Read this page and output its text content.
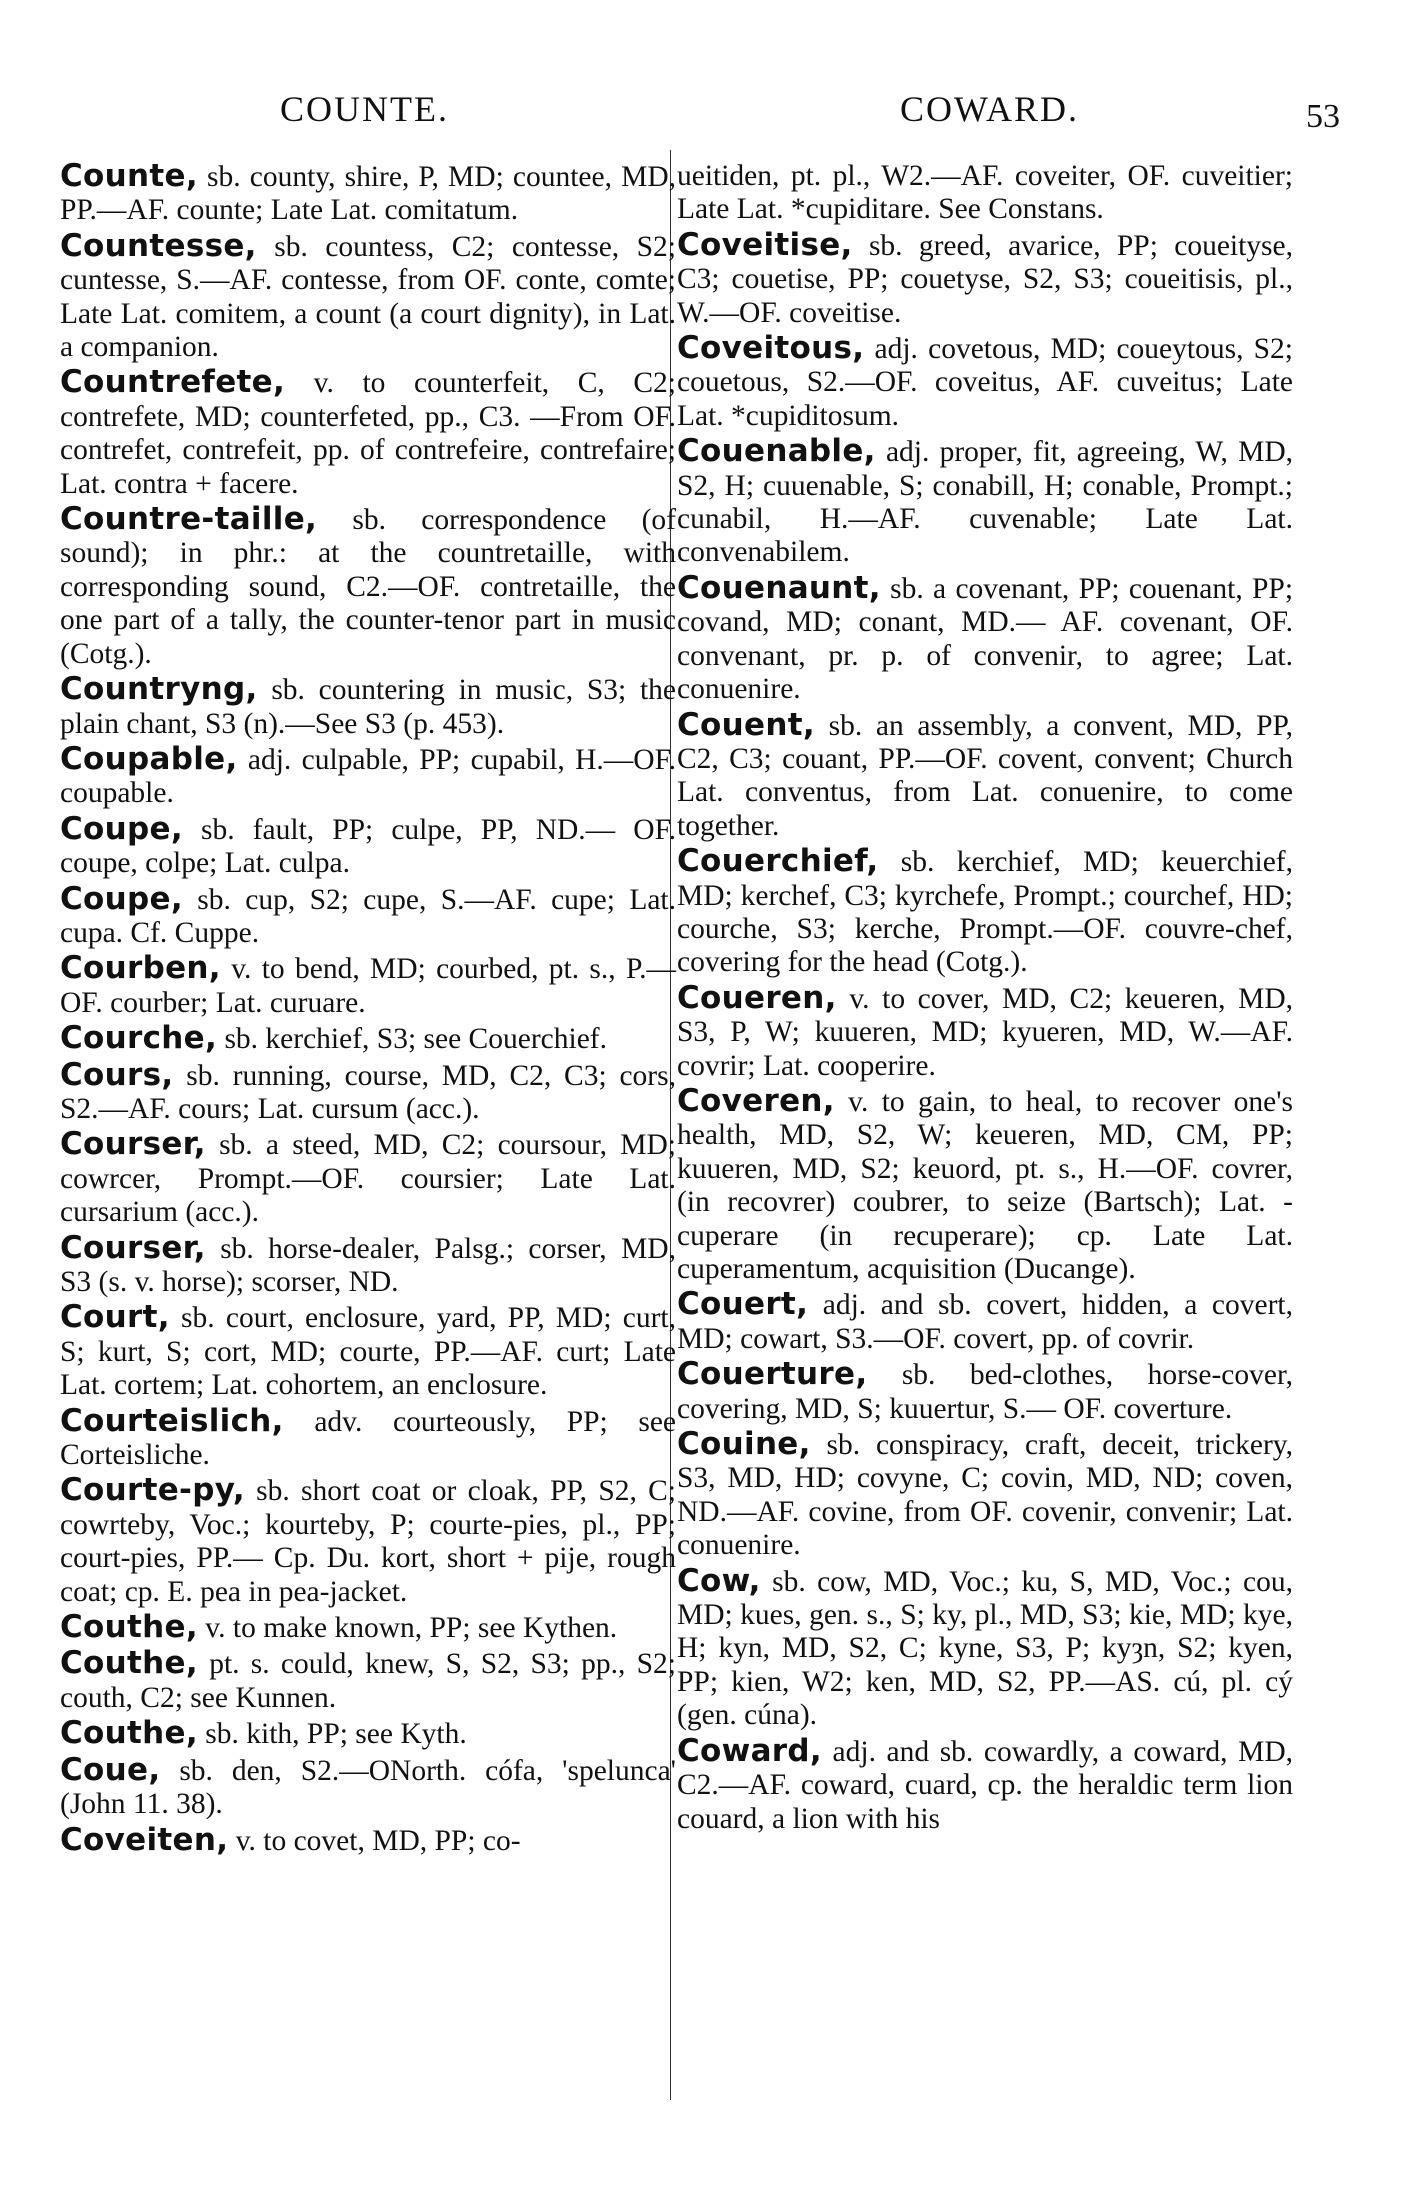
COUNTE.	COWARD.	53

Counte , sb. county, shire, P, MD; countee, MD, PP.—AF. counte; Late Lat. comitatum.

Countesse , sb. countess, C2; contesse, S2; cuntesse, S.—AF. contesse, from OF. conte, comte; Late Lat. comitem, a count (a court dignity), in Lat. a companion.

Countrefete , v. to counterfeit, C, C2; contrefete, MD; counterfeted, pp., C3. —From OF. contrefet, contrefeit, pp. of contrefeire, contrefaire; Lat. contra + facere.

Countre-taille , sb. correspondence (of sound); in phr.: at the countretaille, with corresponding sound, C2.—OF. contretaille, the one part of a tally, the counter-tenor part in music (Cotg.).

Countryng , sb. countering in music, S3; the plain chant, S3 (n).—See S3 (p. 453).

Coupable , adj. culpable, PP; cupabil, H.—OF. coupable.

Coupe , sb. fault, PP; culpe, PP, ND.— OF. coupe, colpe; Lat. culpa.

Coupe , sb. cup, S2; cupe, S.—AF. cupe; Lat. cupa. Cf. Cuppe.

Courben , v. to bend, MD; courbed, pt. s., P.—OF. courber; Lat. curuare.

Courche , sb. kerchief, S3; see Couerchief.

Cours , sb. running, course, MD, C2, C3; cors, S2.—AF. cours; Lat. cursum (acc.).

Courser , sb. a steed, MD, C2; coursour, MD; cowrcer, Prompt.—OF. coursier; Late Lat. cursarium (acc.).

Courser , sb. horse-dealer, Palsg.; corser, MD, S3 (s. v. horse); scorser, ND.

Court , sb. court, enclosure, yard, PP, MD; curt, S; kurt, S; cort, MD; courte, PP.—AF. curt; Late Lat. cortem; Lat. cohortem, an enclosure.

Courteislich , adv. courteously, PP; see Corteisliche.

Courte-py , sb. short coat or cloak, PP, S2, C; cowrteby, Voc.; kourteby, P; courte-pies, pl., PP; court-pies, PP.— Cp. Du. kort, short + pije, rough coat; cp. E. pea in pea-jacket.

Couthe , v. to make known, PP; see Kythen.

Couthe , pt. s. could, knew, S, S2, S3; pp., S2; couth, C2; see Kunnen.

Couthe , sb. kith, PP; see Kyth.

Coue , sb. den, S2.—ONorth. cófa, 'spelunca' (John 11. 38).

Coveiten , v. to covet, MD, PP; co-

ueitiden, pt. pl., W2.—AF. coveiter, OF. cuveitier; Late Lat. *cupiditare. See Constans.

Coveitise , sb. greed, avarice, PP; coueityse, C3; couetise, PP; couetyse, S2, S3; coueitisis, pl., W.—OF. coveitise.

Coveitous , adj. covetous, MD; coueytous, S2; couetous, S2.—OF. coveitus, AF. cuveitus; Late Lat. *cupiditosum.

Couenable , adj. proper, fit, agreeing, W, MD, S2, H; cuuenable, S; conabill, H; conable, Prompt.; cunabil, H.—AF. cuvenable; Late Lat. convenabilem.

Couenaunt , sb. a covenant, PP; couenant, PP; covand, MD; conant, MD.— AF. covenant, OF. convenant, pr. p. of convenir, to agree; Lat. conuenire.

Couent , sb. an assembly, a convent, MD, PP, C2, C3; couant, PP.—OF. covent, convent; Church Lat. conventus, from Lat. conuenire, to come together.

Couerchief , sb. kerchief, MD; keuerchief, MD; kerchef, C3; kyrchefe, Prompt.; courchef, HD; courche, S3; kerche, Prompt.—OF. couvre-chef, covering for the head (Cotg.).

Coueren , v. to cover, MD, C2; keueren, MD, S3, P, W; kuueren, MD; kyueren, MD, W.—AF. covrir; Lat. cooperire.

Coveren , v. to gain, to heal, to recover one's health, MD, S2, W; keueren, MD, CM, PP; kuueren, MD, S2; keuord, pt. s., H.—OF. covrer, (in recovrer) coubrer, to seize (Bartsch); Lat. -cuperare (in recuperare); cp. Late Lat. cuperamentum, acquisition (Ducange).

Couert , adj. and sb. covert, hidden, a covert, MD; cowart, S3.—OF. covert, pp. of covrir.

Couerture , sb. bed-clothes, horse-cover, covering, MD, S; kuuertur, S.— OF. coverture.

Couine , sb. conspiracy, craft, deceit, trickery, S3, MD, HD; covyne, C; covin, MD, ND; coven, ND.—AF. covine, from OF. covenir, convenir; Lat. conuenire.

Cow , sb. cow, MD, Voc.; ku, S, MD, Voc.; cou, MD; kues, gen. s., S; ky, pl., MD, S3; kie, MD; kye, H; kyn, MD, S2, C; kyne, S3, P; kyȝn, S2; kyen, PP; kien, W2; ken, MD, S2, PP.—AS. cú, pl. cý (gen. cúna).

Coward , adj. and sb. cowardly, a coward, MD, C2.—AF. coward, cuard, cp. the heraldic term lion couard, a lion with his
